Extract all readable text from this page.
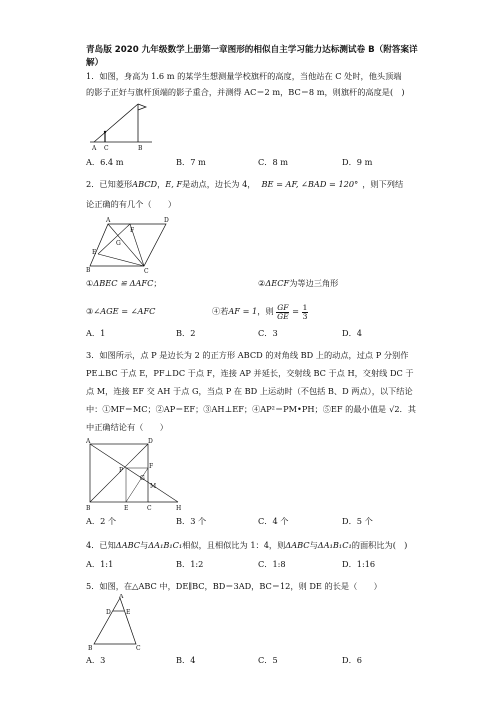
青岛版 2020 九年级数学上册第一章图形的相似自主学习能力达标测试卷 B（附答案详解）
1．如图，身高为 1.6 m 的某学生想测量学校旗杆的高度，当他站在 C 处时，他头顶端
的影子正好与旗杆顶端的影子重合，并测得 AC＝2 m，BC＝8 m，则旗杆的高度是(　)
A C	B
A．6.4 m	B．7 m	C．8 m	D．9 m
2．已知菱形ABCD，E, F是动点，边长为 4， BE = AF, ∠BAD = 120° ，则下列结
论正确的有几个（　　）
A	D
E
G
F
B	C
①ΔBEC ≌ ΔAFC；	②ΔECF为等边三角形
③∠AGE = ∠AFC	④若AF = 1，则 $\frac{GF}{GE} = \frac{1}{3}$
A．1	B．2	C．3	D．4
3．如图所示，点 P 是边长为 2 的正方形 ABCD 的对角线 BD 上的动点，过点 P 分别作
PE⊥BC 于点 E，PF⊥DC 于点 F，连接 AP 并延长，交射线 BC 于点 H，交射线 DC 于
点 M，连接 EF 交 AH 于点 G，当点 P 在 BD 上运动时（不包括 B、D 两点），以下结论
中：①MF＝MC；②AP＝EF；③AH⊥EF；④AP²＝PM•PH；⑤EF 的最小值是 √2．其
中正确结论有（　　）
A	D
F
P
G
M
B	E	C	H
A．2 个	B．3 个	C．4 个	D．5 个
4．已知ΔABC与ΔA₁B₁C₁相似，且相似比为 1：4，则ΔABC与ΔA₁B₁C₁的面积比为(　)
A．1:1	B．1:2	C．1:8	D．1:16
5．如图，在△ABC 中，DE∥BC，BD＝3AD，BC＝12，则 DE 的长是（　　）
A
D	E
B	C
A．3	B．4	C．5	D．6
